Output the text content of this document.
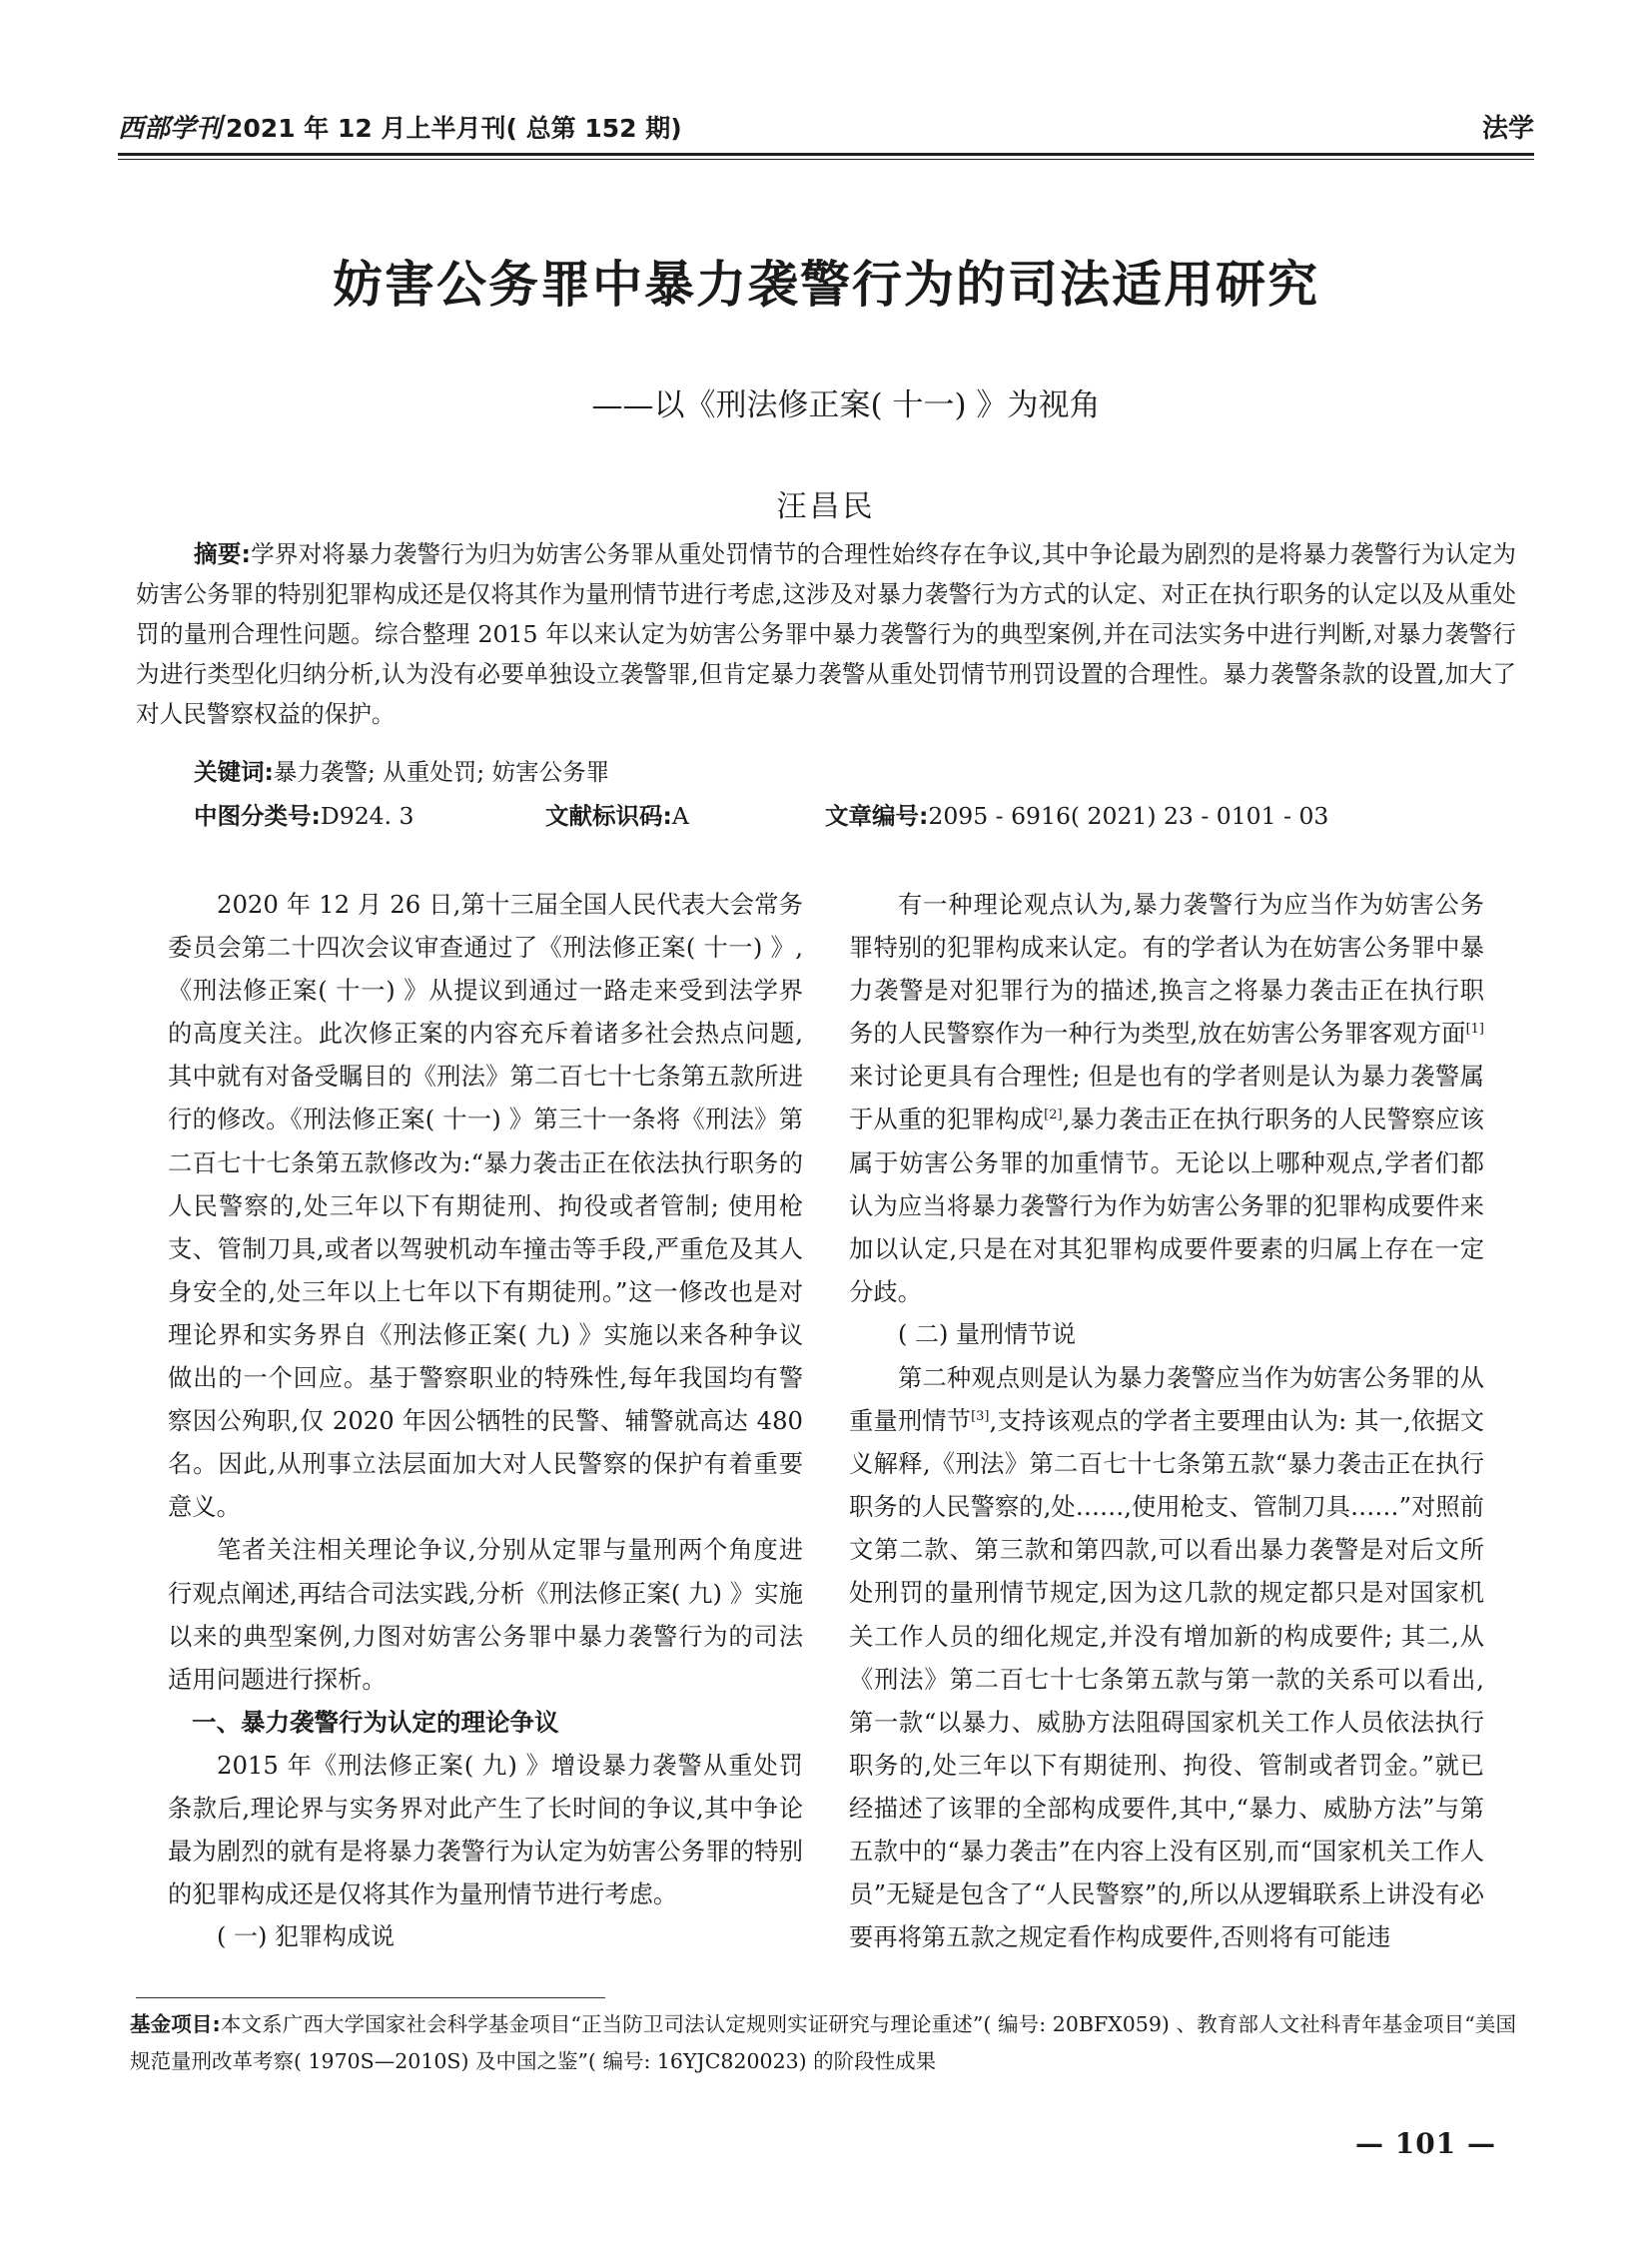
西部学刊 2021 年 12 月上半月刊( 总第 152 期)	法学
妨害公务罪中暴力袭警行为的司法适用研究
——以《刑法修正案( 十一) 》为视角
汪昌民

摘要:学界对将暴力袭警行为归为妨害公务罪从重处罚情节的合理性始终存在争议,其中争论最为剧烈的是将暴力袭警行为认定为妨害公务罪的特别犯罪构成还是仅将其作为量刑情节进行考虑,这涉及对暴力袭警行为方式的认定、对正在执行职务的认定以及从重处罚的量刑合理性问题。综合整理 2015 年以来认定为妨害公务罪中暴力袭警行为的典型案例,并在司法实务中进行判断,对暴力袭警行为进行类型化归纳分析,认为没有必要单独设立袭警罪,但肯定暴力袭警从重处罚情节刑罚设置的合理性。暴力袭警条款的设置,加大了对人民警察权益的保护。

关键词:暴力袭警; 从重处罚; 妨害公务罪
中图分类号:D924. 3	文献标识码:A	文章编号:2095 - 6916( 2021) 23 - 0101 - 03

2020 年 12 月 26 日,第十三届全国人民代表大会常务委员会第二十四次会议审查通过了《刑法修正案( 十一) 》,《刑法修正案( 十一) 》从提议到通过一路走来受到法学界的高度关注。此次修正案的内容充斥着诸多社会热点问题,其中就有对备受瞩目的《刑法》第二百七十七条第五款所进行的修改。《刑法修正案( 十一) 》第三十一条将《刑法》第二百七十七条第五款修改为:“暴力袭击正在依法执行职务的人民警察的,处三年以下有期徒刑、拘役或者管制; 使用枪支、管制刀具,或者以驾驶机动车撞击等手段,严重危及其人身安全的,处三年以上七年以下有期徒刑。”这一修改也是对理论界和实务界自《刑法修正案( 九) 》实施以来各种争议做出的一个回应。基于警察职业的特殊性,每年我国均有警察因公殉职,仅 2020 年因公牺牲的民警、辅警就高达 480 名。因此,从刑事立法层面加大对人民警察的保护有着重要意义。

笔者关注相关理论争议,分别从定罪与量刑两个角度进行观点阐述,再结合司法实践,分析《刑法修正案( 九) 》实施以来的典型案例,力图对妨害公务罪中暴力袭警行为的司法适用问题进行探析。

一、暴力袭警行为认定的理论争议

2015 年《刑法修正案( 九) 》增设暴力袭警从重处罚条款后,理论界与实务界对此产生了长时间的争议,其中争论最为剧烈的就有是将暴力袭警行为认定为妨害公务罪的特别的犯罪构成还是仅将其作为量刑情节进行考虑。

( 一) 犯罪构成说

有一种理论观点认为,暴力袭警行为应当作为妨害公务罪特别的犯罪构成来认定。有的学者认为在妨害公务罪中暴力袭警是对犯罪行为的描述,换言之将暴力袭击正在执行职务的人民警察作为一种行为类型,放在妨害公务罪客观方面[1]来讨论更具有合理性; 但是也有的学者则是认为暴力袭警属于从重的犯罪构成[2],暴力袭击正在执行职务的人民警察应该属于妨害公务罪的加重情节。无论以上哪种观点,学者们都认为应当将暴力袭警行为作为妨害公务罪的犯罪构成要件来加以认定,只是在对其犯罪构成要件要素的归属上存在一定分歧。

( 二) 量刑情节说

第二种观点则是认为暴力袭警应当作为妨害公务罪的从重量刑情节[3],支持该观点的学者主要理由认为: 其一,依据文义解释,《刑法》第二百七十七条第五款“暴力袭击正在执行职务的人民警察的,处……,使用枪支、管制刀具……”对照前文第二款、第三款和第四款,可以看出暴力袭警是对后文所处刑罚的量刑情节规定,因为这几款的规定都只是对国家机关工作人员的细化规定,并没有增加新的构成要件; 其二,从《刑法》第二百七十七条第五款与第一款的关系可以看出,第一款“以暴力、威胁方法阻碍国家机关工作人员依法执行职务的,处三年以下有期徒刑、拘役、管制或者罚金。”就已经描述了该罪的全部构成要件,其中,“暴力、威胁方法”与第五款中的“暴力袭击”在内容上没有区别,而“国家机关工作人员”无疑是包含了“人民警察”的,所以从逻辑联系上讲没有必要再将第五款之规定看作构成要件,否则将有可能违

基金项目:本文系广西大学国家社会科学基金项目“正当防卫司法认定规则实证研究与理论重述”( 编号: 20BFX059) 、教育部人文社科青年基金项目“美国规范量刑改革考察( 1970S—2010S) 及中国之鉴”( 编号: 16YJC820023) 的阶段性成果
— 101 —
